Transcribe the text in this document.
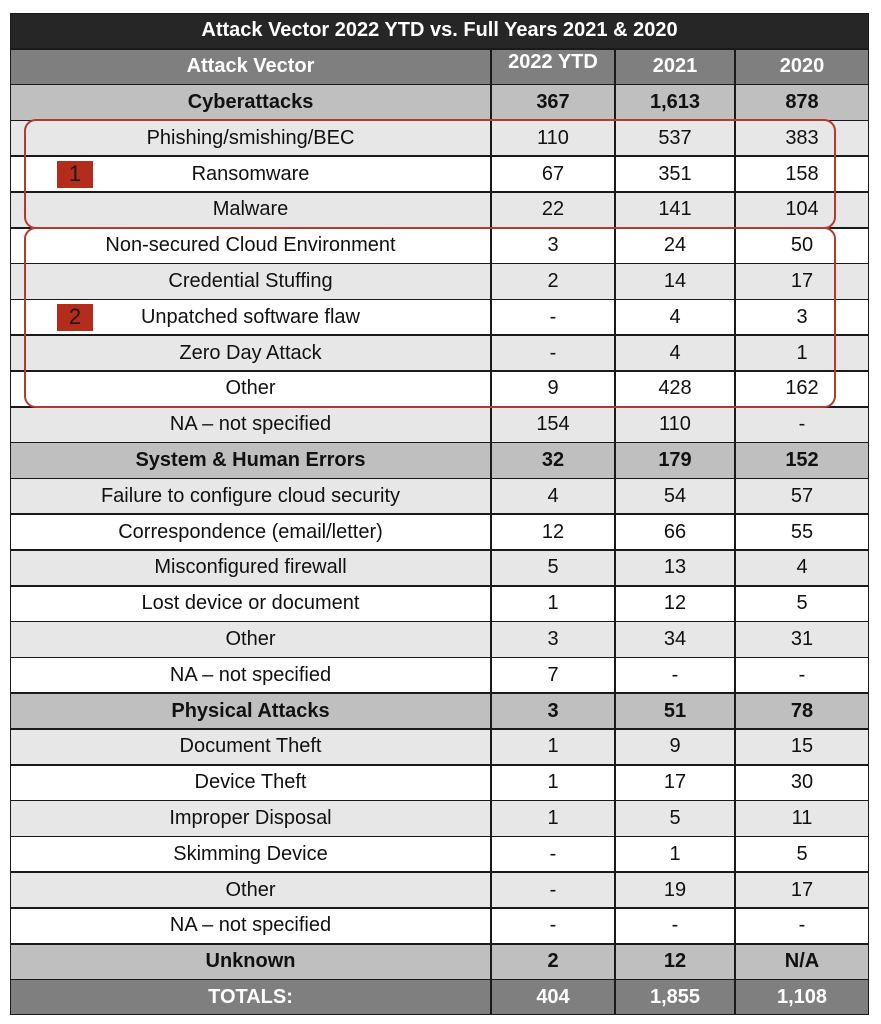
Attack Vector 2022 YTD vs. Full Years 2021 & 2020
Attack Vector	2022 YTD	2021	2020
Cyberattacks	367	1,613	878
Phishing/smishing/BEC	110	537	383
Ransomware	67	351	158
Malware	22	141	104
Non-secured Cloud Environment	3	24	50
Credential Stuffing	2	14	17
Unpatched software flaw	-	4	3
Zero Day Attack	-	4	1
Other	9	428	162
NA – not specified	154	110	-
System & Human Errors	32	179	152
Failure to configure cloud security	4	54	57
Correspondence (email/letter)	12	66	55
Misconfigured firewall	5	13	4
Lost device or document	1	12	5
Other	3	34	31
NA – not specified	7	-	-
Physical Attacks	3	51	78
Document Theft	1	9	15
Device Theft	1	17	30
Improper Disposal	1	5	11
Skimming Device	-	1	5
Other	-	19	17
NA – not specified	-	-	-
Unknown	2	12	N/A
TOTALS:	404	1,855	1,108
1
2
